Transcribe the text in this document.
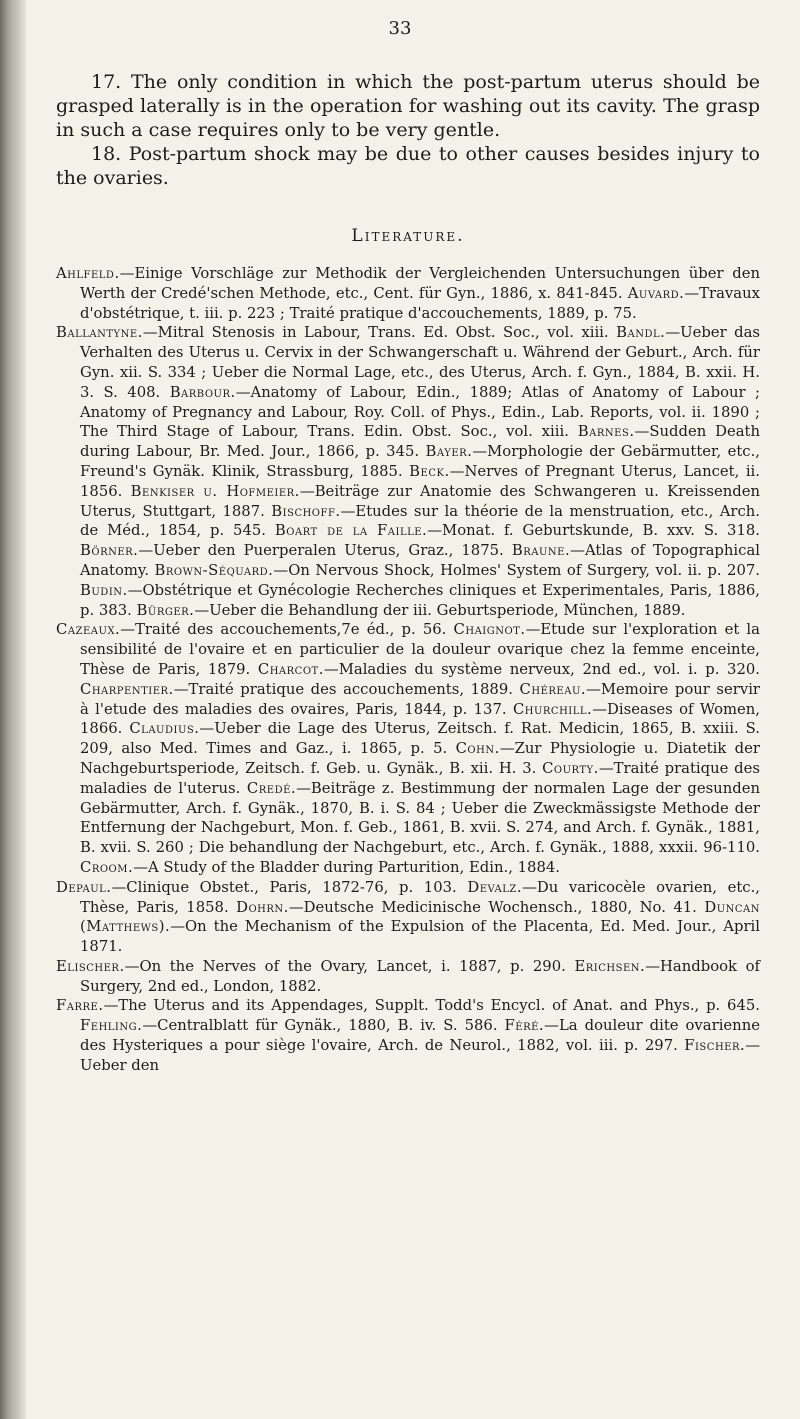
33

17. The only condition in which the post-partum uterus should be grasped laterally is in the operation for washing out its cavity. The grasp in such a case requires only to be very gentle.

18. Post-partum shock may be due to other causes besides injury to the ovaries.

Literature.

Ahlfeld.—Einige Vorschläge zur Methodik der Vergleichenden Untersuchungen über den Werth der Credé'schen Methode, etc., Cent. für Gyn., 1886, x. 841-845. Auvard.—Travaux d'obstétrique, t. iii. p. 223 ; Traité pratique d'accouchements, 1889, p. 75.

Ballantyne.—Mitral Stenosis in Labour, Trans. Ed. Obst. Soc., vol. xiii. Bandl.—Ueber das Verhalten des Uterus u. Cervix in der Schwangerschaft u. Während der Geburt., Arch. für Gyn. xii. S. 334 ; Ueber die Normal Lage, etc., des Uterus, Arch. f. Gyn., 1884, B. xxii. H. 3. S. 408. Barbour.—Anatomy of Labour, Edin., 1889; Atlas of Anatomy of Labour ; Anatomy of Pregnancy and Labour, Roy. Coll. of Phys., Edin., Lab. Reports, vol. ii. 1890 ; The Third Stage of Labour, Trans. Edin. Obst. Soc., vol. xiii. Barnes.—Sudden Death during Labour, Br. Med. Jour., 1866, p. 345. Bayer.—Morphologie der Gebärmutter, etc., Freund's Gynäk. Klinik, Strassburg, 1885. Beck.—Nerves of Pregnant Uterus, Lancet, ii. 1856. Benkiser u. Hofmeier.—Beiträge zur Anatomie des Schwangeren u. Kreissenden Uterus, Stuttgart, 1887. Bischoff.—Etudes sur la théorie de la menstruation, etc., Arch. de Méd., 1854, p. 545. Boart de la Faille.—Monat. f. Geburtskunde, B. xxv. S. 318. Börner.—Ueber den Puerperalen Uterus, Graz., 1875. Braune.—Atlas of Topographical Anatomy. Brown-Séquard.—On Nervous Shock, Holmes' System of Surgery, vol. ii. p. 207. Budin.—Obstétrique et Gynécologie Recherches cliniques et Experimentales, Paris, 1886, p. 383. Bürger.—Ueber die Behandlung der iii. Geburtsperiode, München, 1889.

Cazeaux.—Traité des accouchements,7e éd., p. 56. Chaignot.—Etude sur l'exploration et la sensibilité de l'ovaire et en particulier de la douleur ovarique chez la femme enceinte, Thèse de Paris, 1879. Charcot.—Maladies du système nerveux, 2nd ed., vol. i. p. 320. Charpentier.—Traité pratique des accouchements, 1889. Chéreau.—Memoire pour servir à l'etude des maladies des ovaires, Paris, 1844, p. 137. Churchill.—Diseases of Women, 1866. Claudius.—Ueber die Lage des Uterus, Zeitsch. f. Rat. Medicin, 1865, B. xxiii. S. 209, also Med. Times and Gaz., i. 1865, p. 5. Cohn.—Zur Physiologie u. Diatetik der Nachgeburtsperiode, Zeitsch. f. Geb. u. Gynäk., B. xii. H. 3. Courty.—Traité pratique des maladies de l'uterus. Credé.—Beiträge z. Bestimmung der normalen Lage der gesunden Gebärmutter, Arch. f. Gynäk., 1870, B. i. S. 84 ; Ueber die Zweckmässigste Methode der Entfernung der Nachgeburt, Mon. f. Geb., 1861, B. xvii. S. 274, and Arch. f. Gynäk., 1881, B. xvii. S. 260 ; Die behandlung der Nachgeburt, etc., Arch. f. Gynäk., 1888, xxxii. 96-110. Croom.—A Study of the Bladder during Parturition, Edin., 1884.

Depaul.—Clinique Obstet., Paris, 1872-76, p. 103. Devalz.—Du varicocèle ovarien, etc., Thèse, Paris, 1858. Dohrn.—Deutsche Medicinische Wochensch., 1880, No. 41. Duncan (Matthews).—On the Mechanism of the Expulsion of the Placenta, Ed. Med. Jour., April 1871.

Elischer.—On the Nerves of the Ovary, Lancet, i. 1887, p. 290. Erichsen.—Handbook of Surgery, 2nd ed., London, 1882.

Farre.—The Uterus and its Appendages, Supplt. Todd's Encycl. of Anat. and Phys., p. 645. Fehling.—Centralblatt für Gynäk., 1880, B. iv. S. 586. Féré.—La douleur dite ovarienne des Hysteriques a pour siège l'ovaire, Arch. de Neurol., 1882, vol. iii. p. 297. Fischer.—Ueber den
